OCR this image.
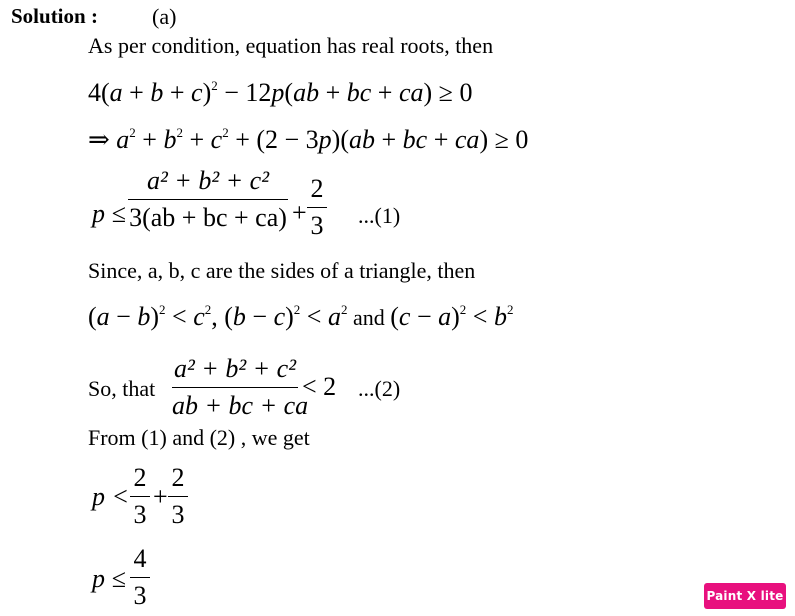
Solution : (a)
As per condition, equation has real roots, then
$4(a + b + c)^2 - 12p(ab$ + bc + ca) ≥ 0
⇒ $a^2 + b^2 + c^2 + (2 - 3p)(ab$ + bc + ca) ≥ 0
p ≤
a² + b² + c²
3(ab + bc + ca) +
2
3 ...(1)
Since, a, b, c are the sides of a triangle, then
$(a - b)^2 < c^2$, $(b - c)^2 < a^2$ and $(c - a)^2 < b^2$
So, that
a² + b² + c²
ab + bc + ca
< 2 ...(2)
From (1) and (2) , we get
p <
2
3
+
2
3
p ≤
4
3	Paint X lite
